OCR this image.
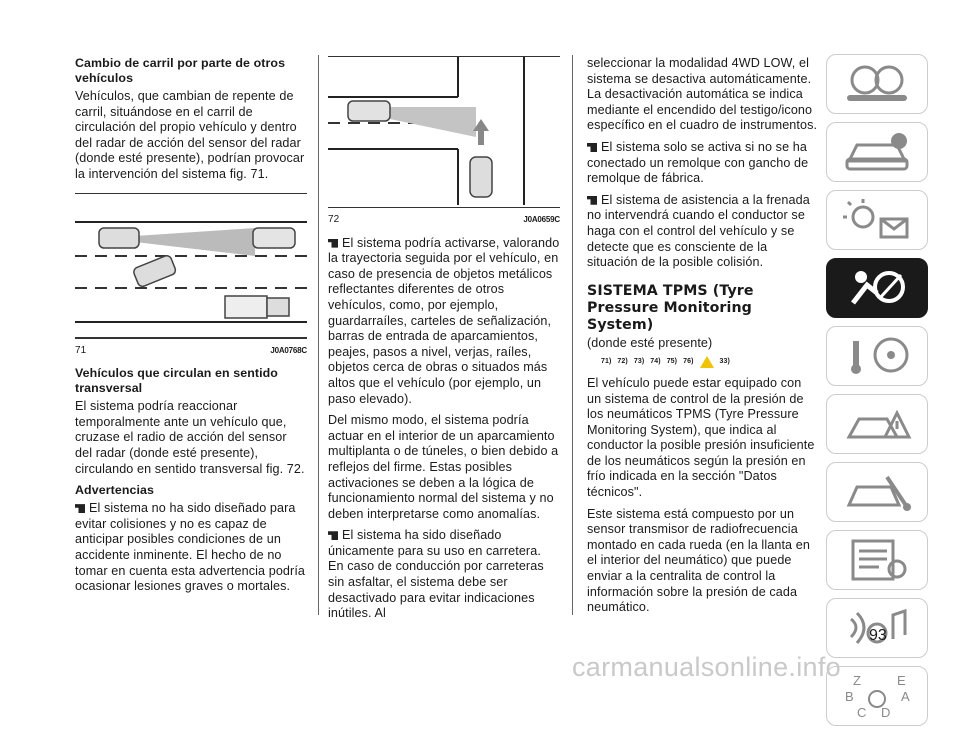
Cambio de carril por parte de otros vehículos

Vehículos, que cambian de repente de carril, situándose en el carril de circulación del propio vehículo y dentro del radar de acción del sensor del radar (donde esté presente), podrían provocar la intervención del sistema fig. 71.

71	J0A0768C
Vehículos que circulan en sentido transversal

El sistema podría reaccionar temporalmente ante un vehículo que, cruzase el radio de acción del sensor del radar (donde esté presente), circulando en sentido transversal fig. 72.

Advertencias

El sistema no ha sido diseñado para evitar colisiones y no es capaz de anticipar posibles condiciones de un accidente inminente. El hecho de no tomar en cuenta esta advertencia podría ocasionar lesiones graves o mortales.

72	J0A0659C

El sistema podría activarse, valorando la trayectoria seguida por el vehículo, en caso de presencia de objetos metálicos reflectantes diferentes de otros vehículos, como, por ejemplo, guardarraíles, carteles de señalización, barras de entrada de aparcamientos, peajes, pasos a nivel, verjas, raíles, objetos cerca de obras o situados más altos que el vehículo (por ejemplo, un paso elevado).

Del mismo modo, el sistema podría actuar en el interior de un aparcamiento multiplanta o de túneles, o bien debido a reflejos del firme. Estas posibles activaciones se deben a la lógica de funcionamiento normal del sistema y no deben interpretarse como anomalías.

El sistema ha sido diseñado únicamente para su uso en carretera. En caso de conducción por carreteras sin asfaltar, el sistema debe ser desactivado para evitar indicaciones inútiles. Al

seleccionar la modalidad 4WD LOW, el sistema se desactiva automáticamente. La desactivación automática se indica mediante el encendido del testigo/icono específico en el cuadro de instrumentos.

El sistema solo se activa si no se ha conectado un remolque con gancho de remolque de fábrica.

El sistema de asistencia a la frenada no intervendrá cuando el conductor se haga con el control del vehículo y se detecte que es consciente de la situación de la posible colisión.

SISTEMA TPMS (Tyre Pressure Monitoring System)

(donde esté presente)

71) 72) 73) 74) 75) 76)	33)

El vehículo puede estar equipado con un sistema de control de la presión de los neumáticos TPMS (Tyre Pressure Monitoring System), que indica al conductor la posible presión insuficiente de los neumáticos según la presión en frío indicada en la sección "Datos técnicos".

Este sistema está compuesto por un sensor transmisor de radiofrecuencia montado en cada rueda (en la llanta en el interior del neumático) que puede enviar a la centralita de control la información sobre la presión de cada neumático.

Z	E
B	A
C D
93
carmanualsonline.info
